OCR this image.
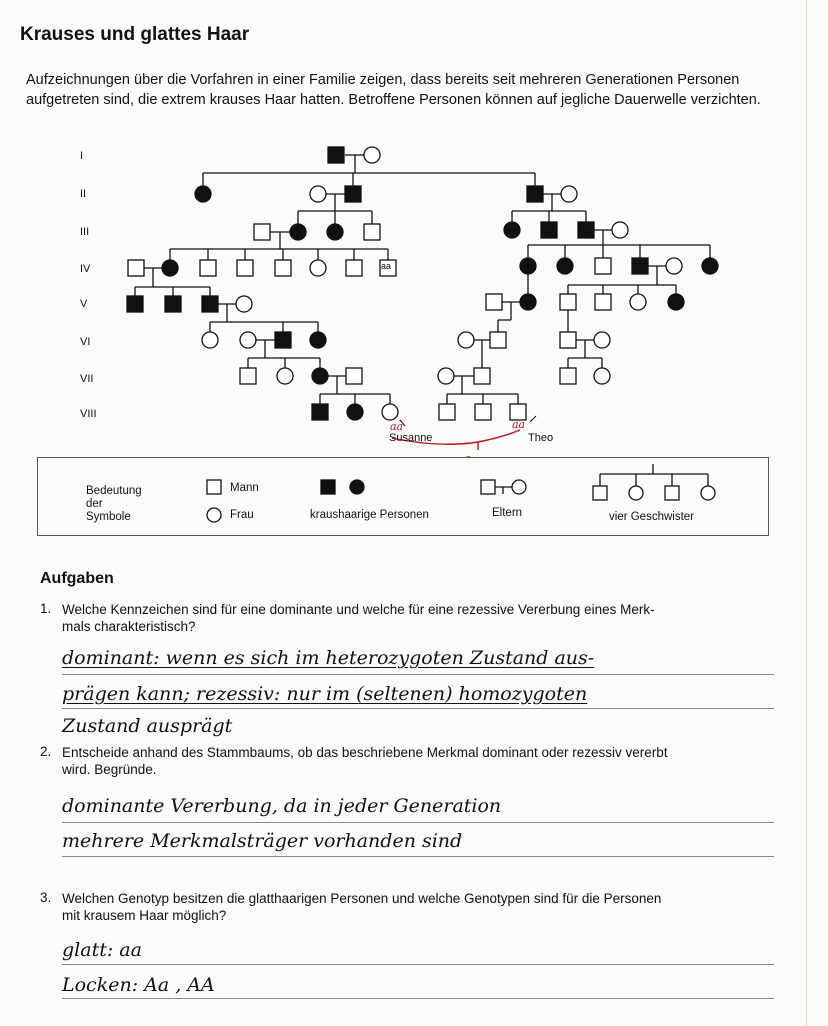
Krauses und glattes Haar
Aufzeichnungen über die Vorfahren in einer Familie zeigen, dass bereits seit mehreren Generationen Personen aufgetreten sind, die extrem krauses Haar hatten. Betroffene Personen können auf jegliche Dauerwelle verzichten.
I
II
III
IV
V
VI
VII
VIII
aa
aa	aa
Susanne	Theo
Bedeutung
der
Symbole
Mann
Frau	kraushaarige Personen	Eltern	vier Geschwister
Aufgaben
1. Welche Kennzeichen sind für eine dominante und welche für eine rezessive Vererbung eines Merk-
mals charakteristisch?
dominant: wenn es sich im heterozygoten Zustand aus-
prägen kann; rezessiv: nur im (seltenen) homozygoten
Zustand ausprägt
2. Entscheide anhand des Stammbaums, ob das beschriebene Merkmal dominant oder rezessiv vererbt
wird. Begründe.
dominante Vererbung, da in jeder Generation
mehrere Merkmalsträger vorhanden sind
3. Welchen Genotyp besitzen die glatthaarigen Personen und welche Genotypen sind für die Personen
mit krausem Haar möglich?
glatt: aa
Locken: Aa , AA
